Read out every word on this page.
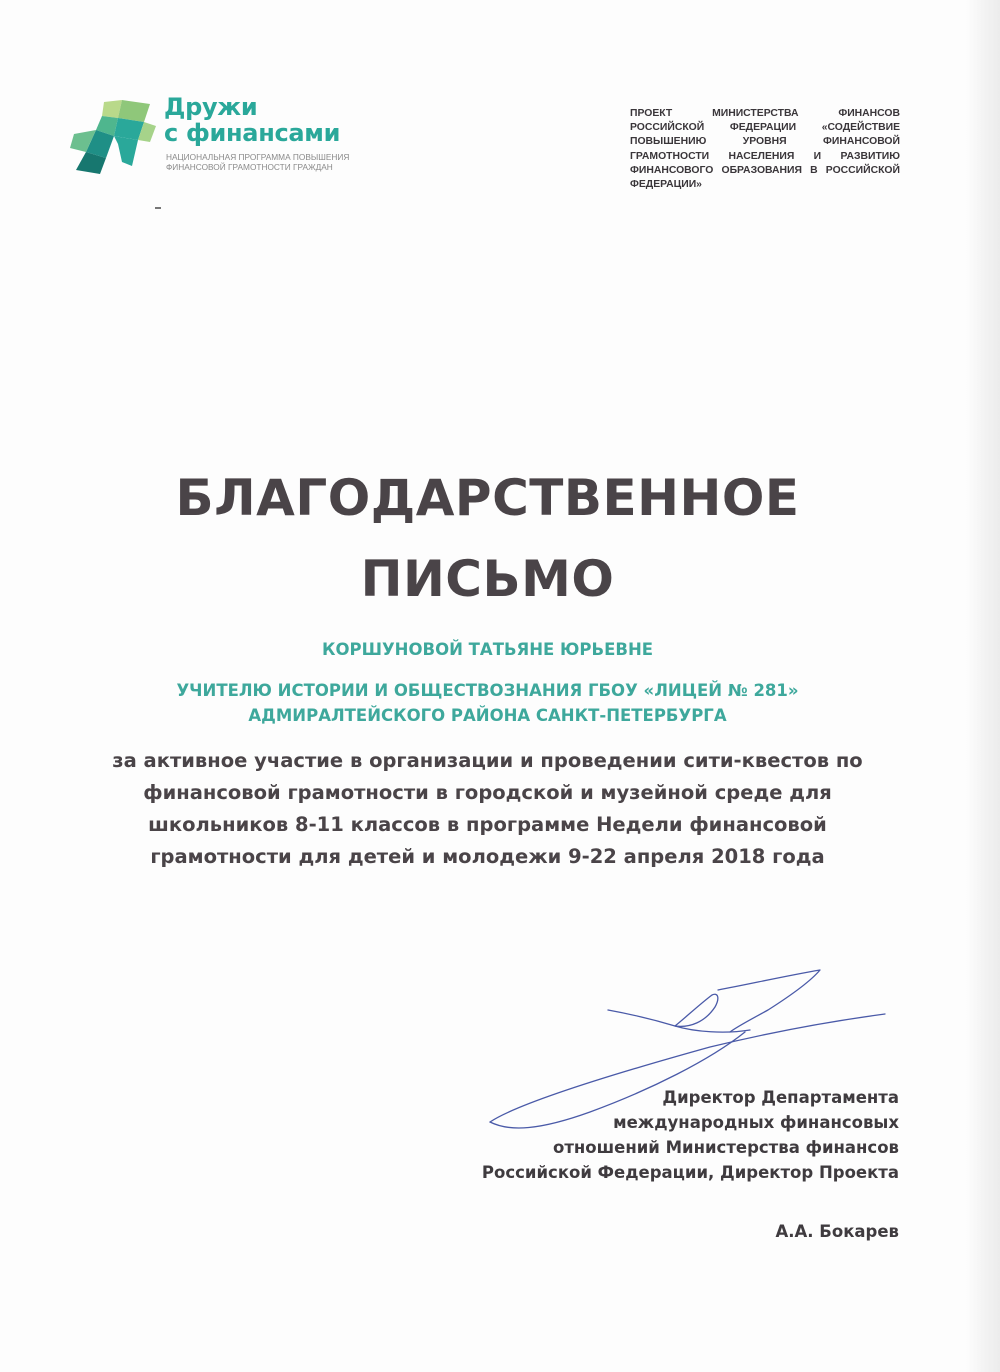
Дружи
с финансами
НАЦИОНАЛЬНАЯ ПРОГРАММА ПОВЫШЕНИЯ
ФИНАНСОВОЙ ГРАМОТНОСТИ ГРАЖДАН
ПРОЕКТ МИНИСТЕРСТВА ФИНАНСОВ РОССИЙСКОЙ ФЕДЕРАЦИИ «СОДЕЙСТВИЕ ПОВЫШЕНИЮ УРОВНЯ ФИНАНСОВОЙ ГРАМОТНОСТИ НАСЕЛЕНИЯ И РАЗВИТИЮ ФИНАНСОВОГО ОБРАЗОВАНИЯ В РОССИЙСКОЙ ФЕДЕРАЦИИ»
БЛАГОДАРСТВЕННОЕ
ПИСЬМО
КОРШУНОВОЙ ТАТЬЯНЕ ЮРЬЕВНЕ
УЧИТЕЛЮ ИСТОРИИ И ОБЩЕСТВОЗНАНИЯ ГБОУ «ЛИЦЕЙ № 281»
АДМИРАЛТЕЙСКОГО РАЙОНА САНКТ-ПЕТЕРБУРГА
за активное участие в организации и проведении сити-квестов по
финансовой грамотности в городской и музейной среде для
школьников 8-11 классов в программе Недели финансовой
грамотности для детей и молодежи 9-22 апреля 2018 года
Директор Департамента
международных финансовых
отношений Министерства финансов
Российской Федерации, Директор Проекта
А.А. Бокарев
